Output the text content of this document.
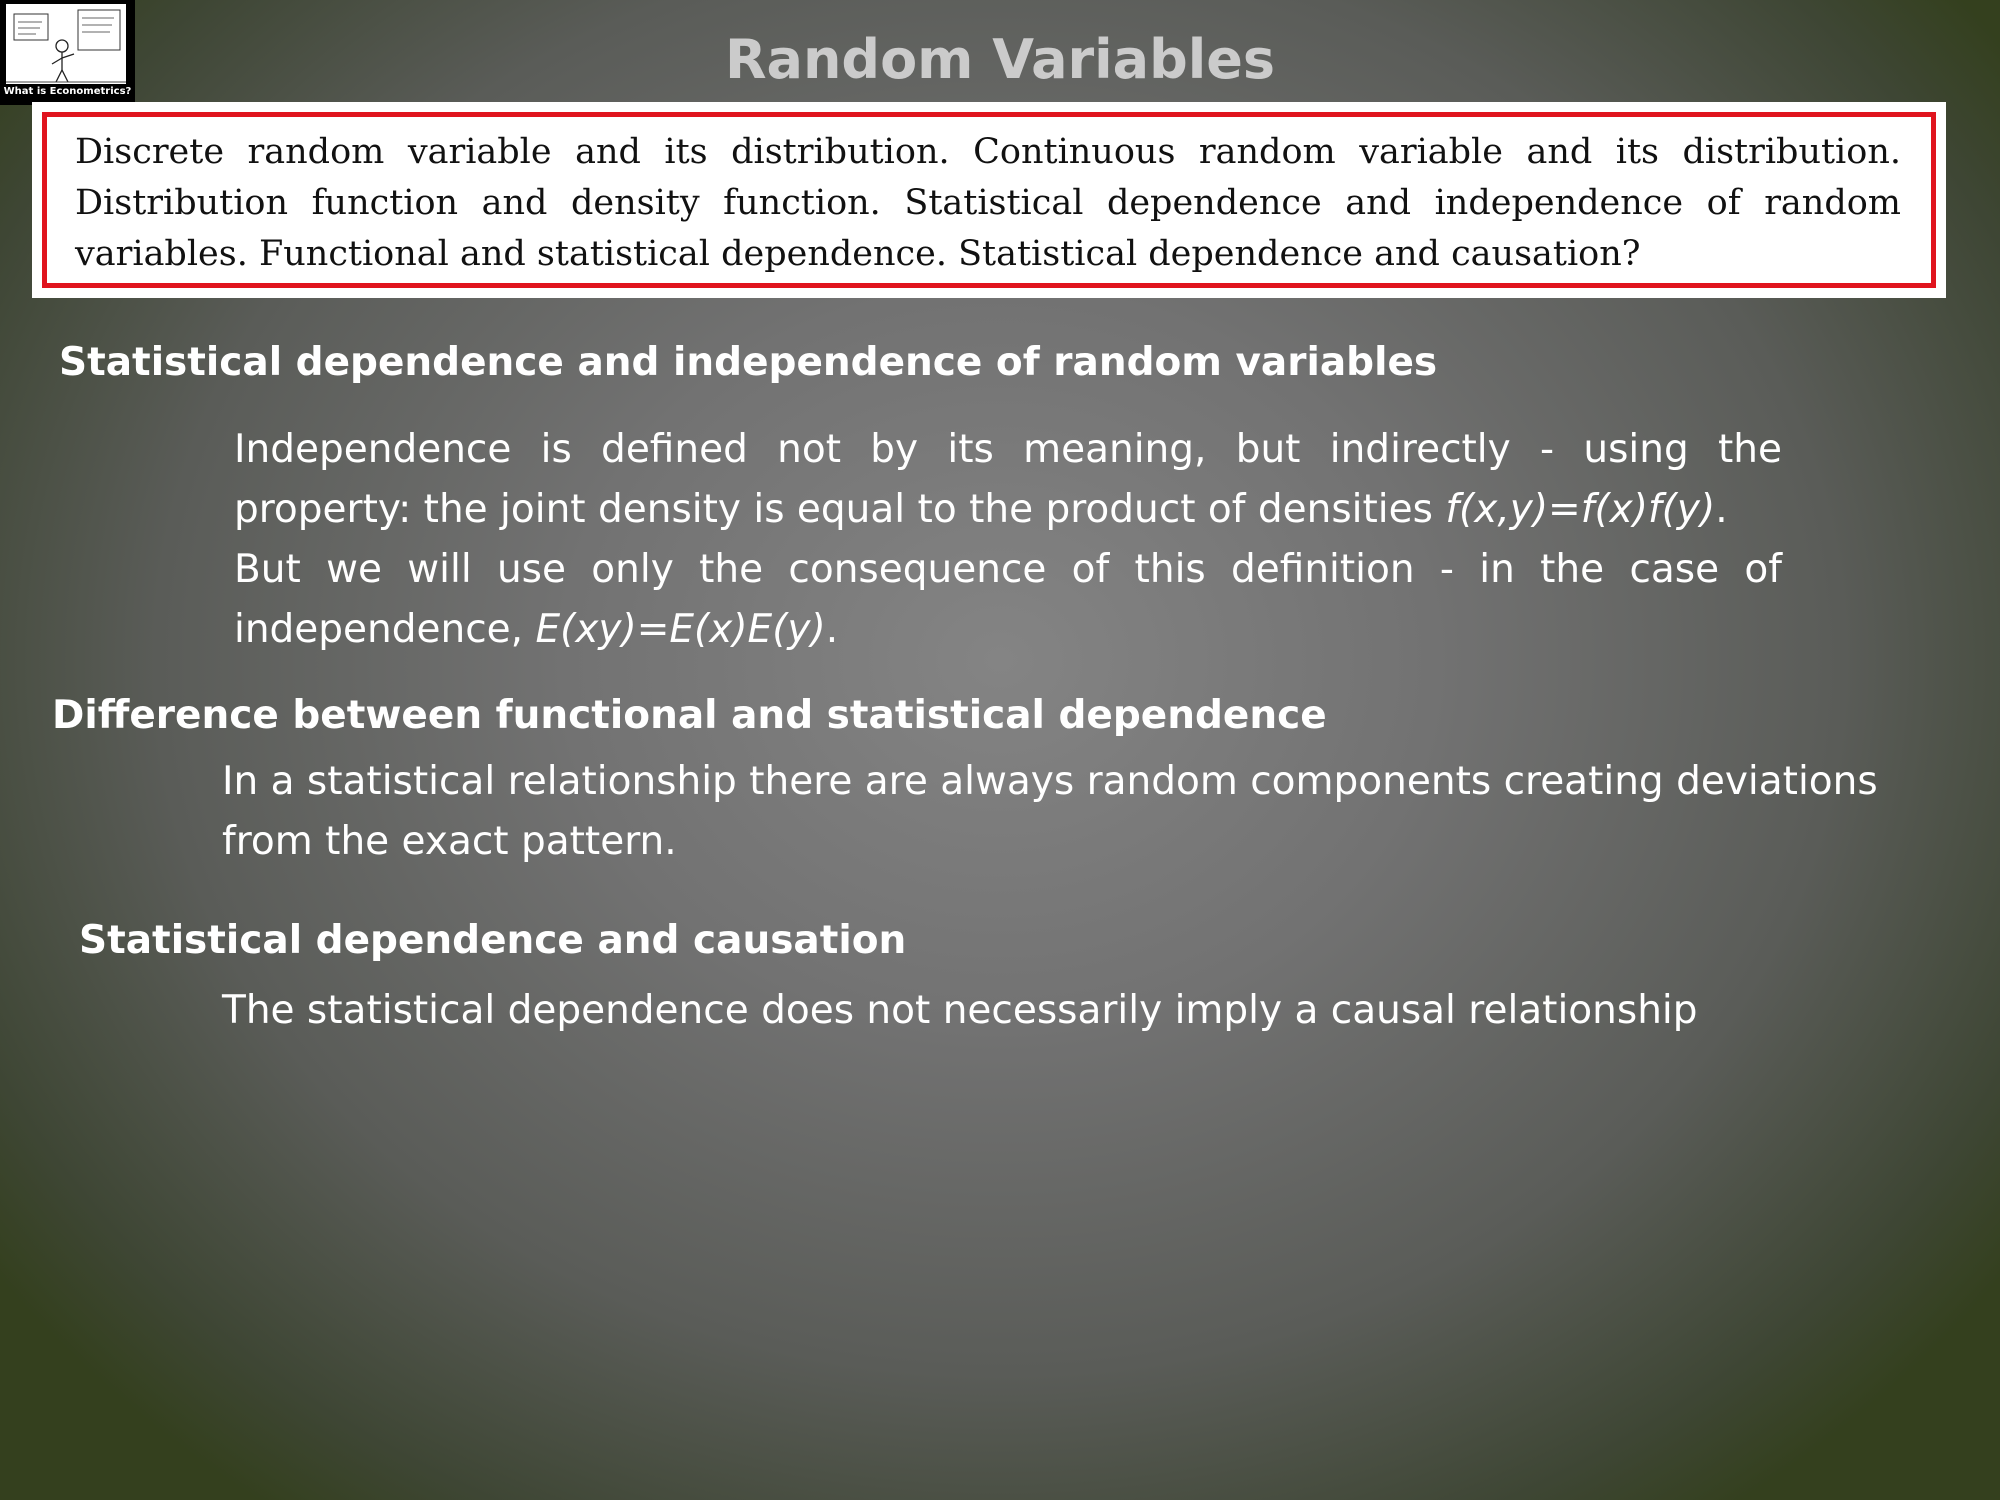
What is Econometrics?
Random Variables
Discrete random variable and its distribution. Continuous random variable and its distribution. Distribution function and density function. Statistical dependence and independence of random variables. Functional and statistical dependence. Statistical dependence and causation?
Statistical dependence and independence of random variables
Independence is defined not by its meaning, but indirectly - using the property: the joint density is equal to the product of densities f(x,y)=f(x)f(y).
But we will use only the consequence of this definition - in the case of independence, E(xy)=E(x)E(y).
Difference between functional and statistical dependence
In a statistical relationship there are always random components creating deviations from the exact pattern.
Statistical dependence and causation
The statistical dependence does not necessarily imply a causal relationship
